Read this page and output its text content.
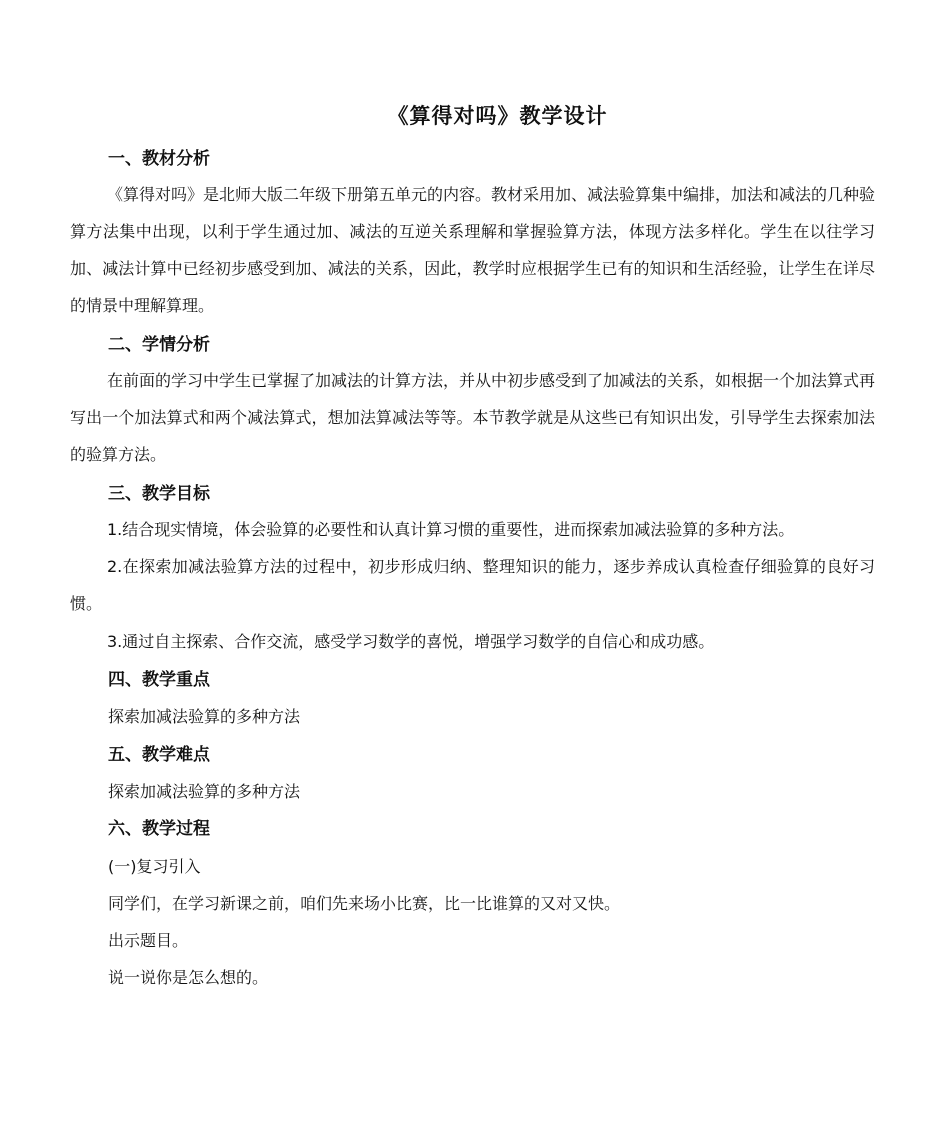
《算得对吗》教学设计
一、教材分析
《算得对吗》是北师大版二年级下册第五单元的内容。教材采用加、减法验算集中编排，加法和减法的几种验算方法集中出现，以利于学生通过加、减法的互逆关系理解和掌握验算方法，体现方法多样化。学生在以往学习加、减法计算中已经初步感受到加、减法的关系，因此，教学时应根据学生已有的知识和生活经验，让学生在详尽的情景中理解算理。
二、学情分析
在前面的学习中学生已掌握了加减法的计算方法，并从中初步感受到了加减法的关系，如根据一个加法算式再写出一个加法算式和两个减法算式，想加法算减法等等。本节教学就是从这些已有知识出发，引导学生去探索加法的验算方法。
三、教学目标
1.结合现实情境，体会验算的必要性和认真计算习惯的重要性，进而探索加减法验算的多种方法。
2.在探索加减法验算方法的过程中，初步形成归纳、整理知识的能力，逐步养成认真检查仔细验算的良好习惯。
3.通过自主探索、合作交流，感受学习数学的喜悦，增强学习数学的自信心和成功感。
四、教学重点
探索加减法验算的多种方法
五、教学难点
探索加减法验算的多种方法
六、教学过程
(一)复习引入
同学们，在学习新课之前，咱们先来场小比赛，比一比谁算的又对又快。
出示题目。
说一说你是怎么想的。
